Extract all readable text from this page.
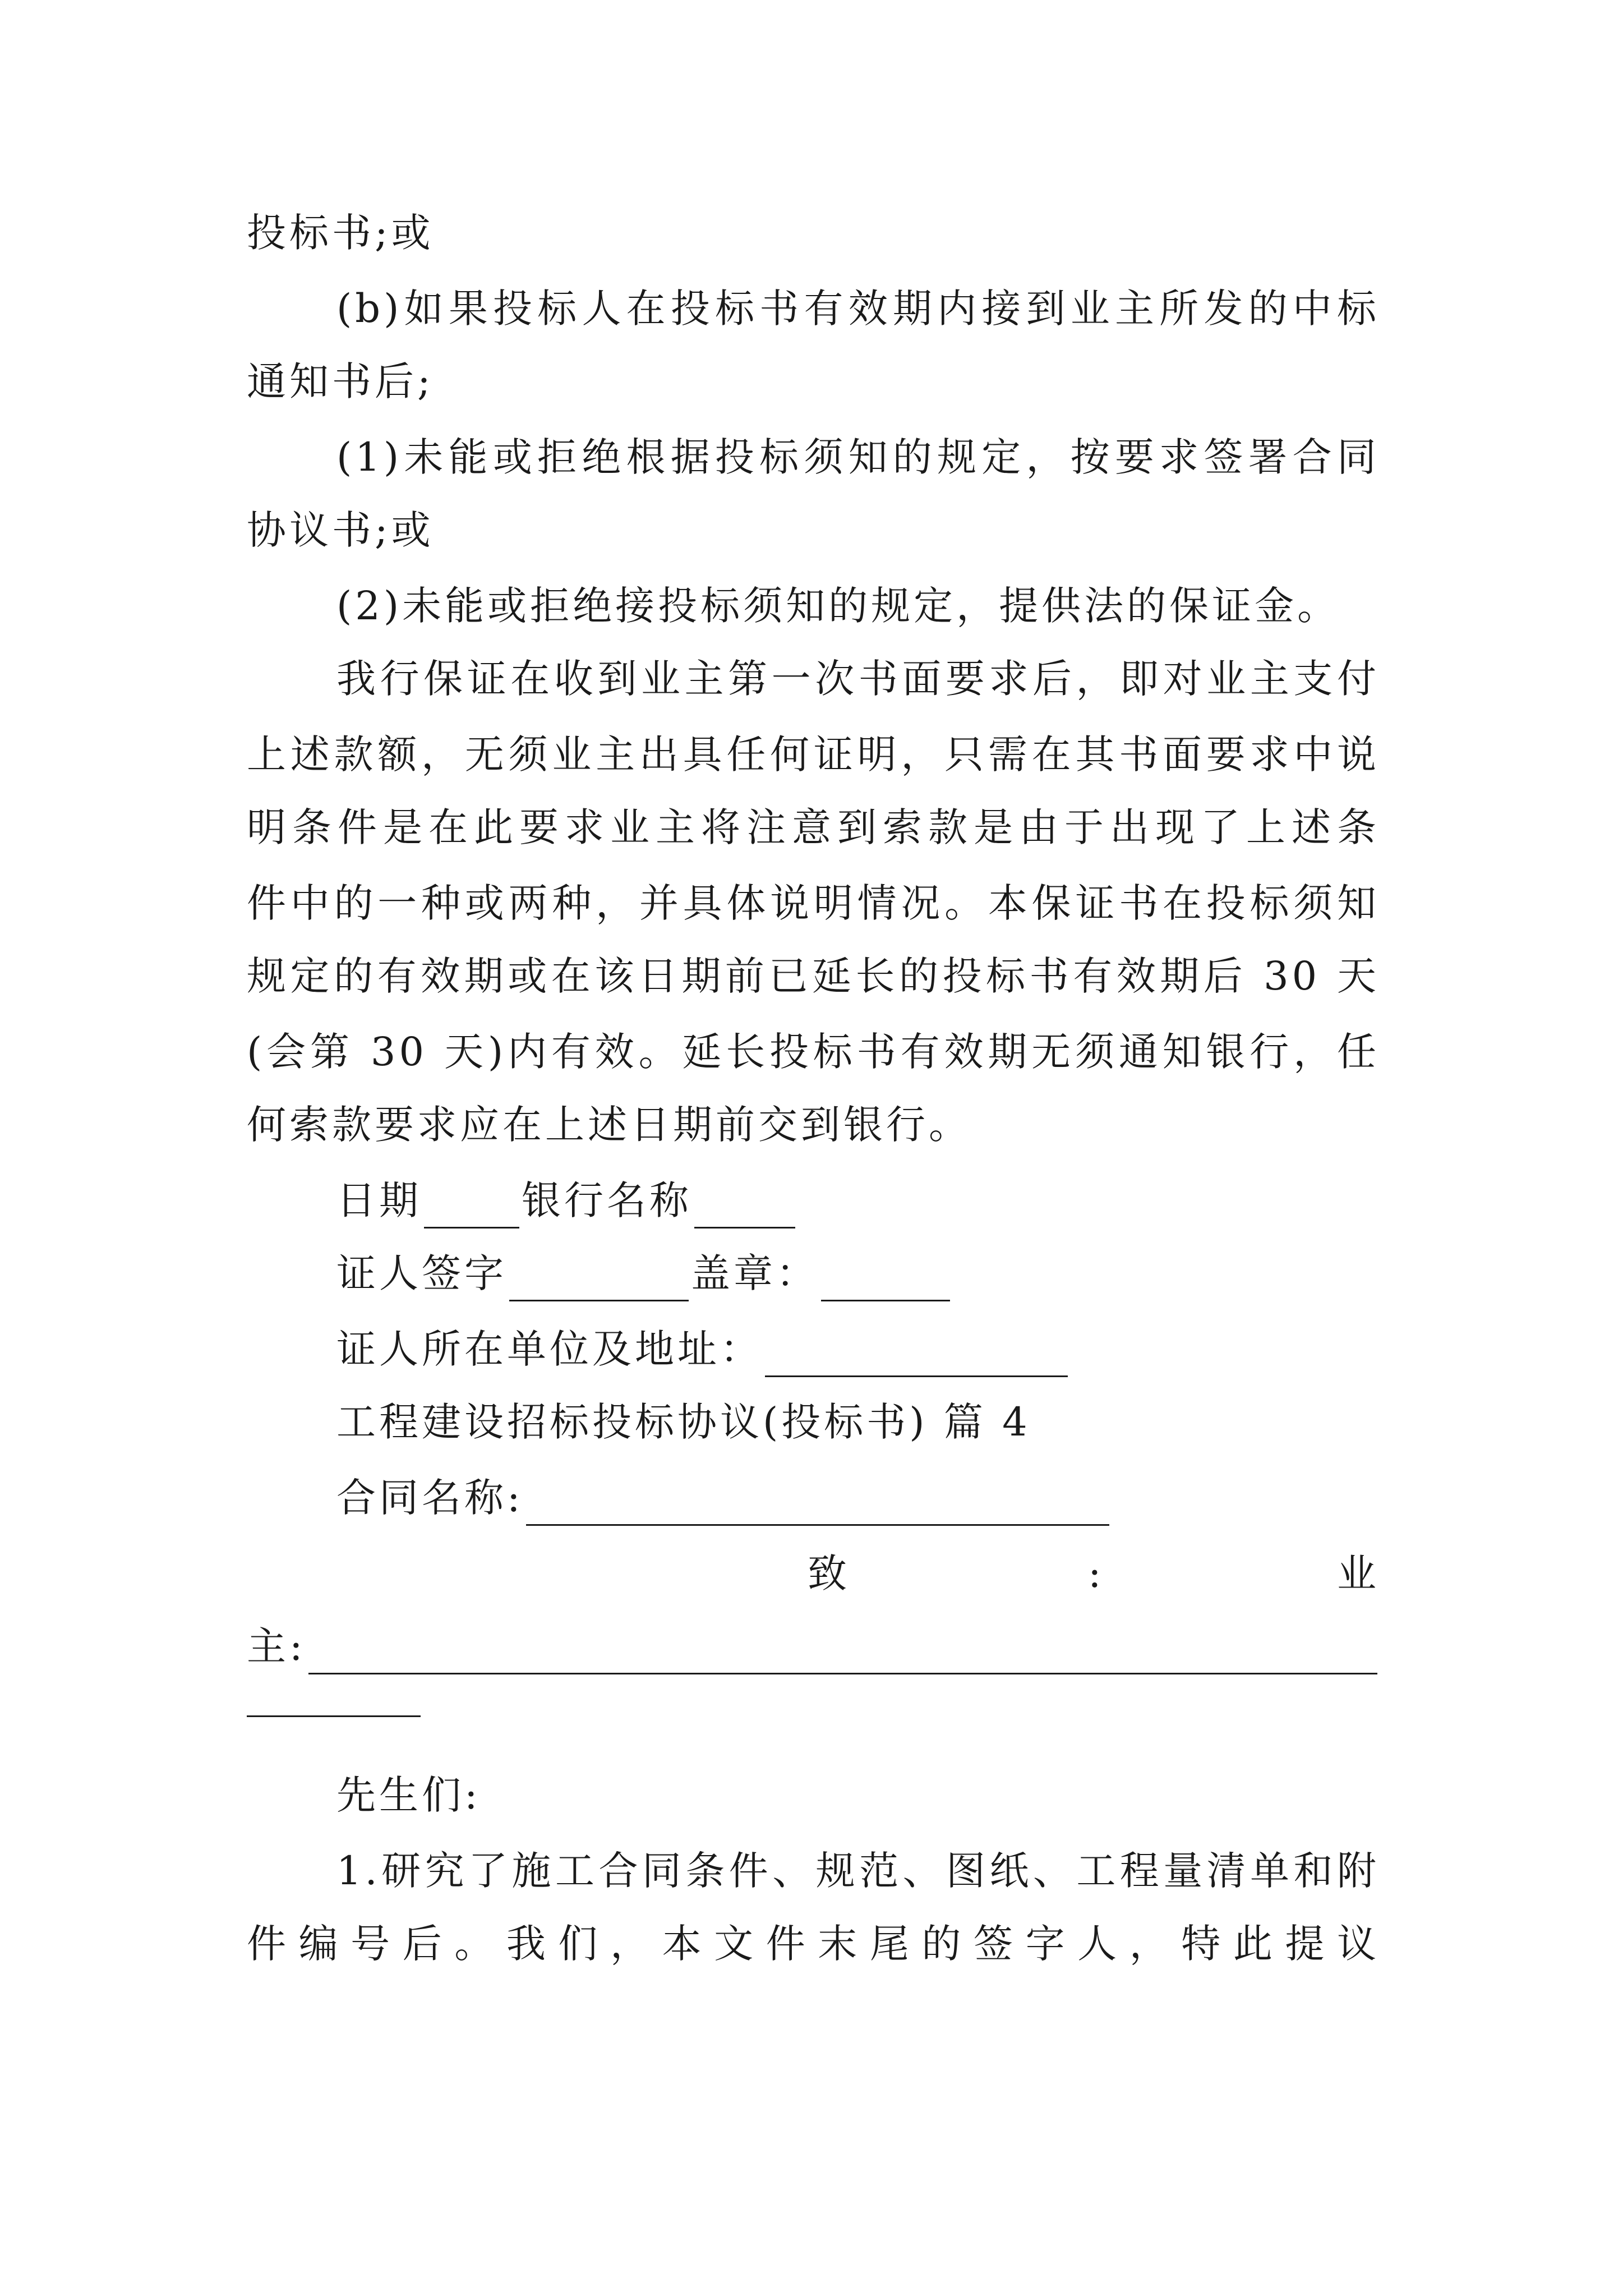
投标书;或
(b)如果投标人在投标书有效期内接到业主所发的中标
通知书后;
(1)未能或拒绝根据投标须知的规定，按要求签署合同
协议书;或
(2)未能或拒绝接投标须知的规定，提供法的保证金。
我行保证在收到业主第一次书面要求后，即对业主支付
上述款额，无须业主出具任何证明，只需在其书面要求中说
明条件是在此要求业主将注意到索款是由于出现了上述条
件中的一种或两种，并具体说明情况。本保证书在投标须知
规定的有效期或在该日期前已延长的投标书有效期后 30 天
(会第 30 天)内有效。延长投标书有效期无须通知银行，任
何索款要求应在上述日期前交到银行。
日期	银行名称
证人签字	盖章：
证人所在单位及地址：
工程建设招标投标协议(投标书) 篇 4
合同名称:
致	:	业
主:
先生们:
1.研究了施工合同条件、规范、图纸、工程量清单和附
件编号后。我们，本文件末尾的签字人，特此提议
